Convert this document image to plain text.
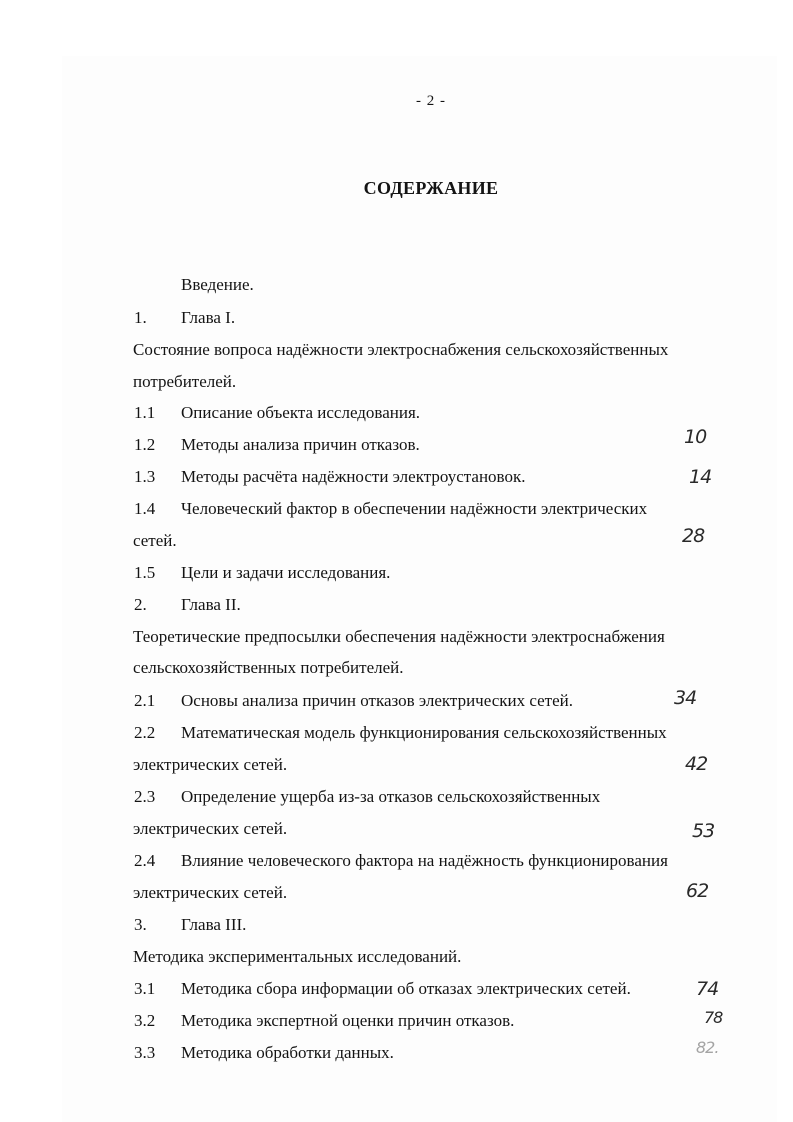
- 2 -
СОДЕРЖАНИЕ
Введение.
1. Глава I.
Состояние вопроса надёжности электроснабжения сельскохозяйственных
потребителей.
1.1 Описание объекта исследования.
1.2 Методы анализа причин отказов.
1.3 Методы расчёта надёжности электроустановок.
1.4 Человеческий фактор в обеспечении надёжности электрических
сетей.
1.5 Цели и задачи исследования.
2. Глава II.
Теоретические предпосылки обеспечения надёжности электроснабжения
сельскохозяйственных потребителей.
2.1 Основы анализа причин отказов электрических сетей.
2.2 Математическая модель функционирования сельскохозяйственных
электрических сетей.
2.3 Определение ущерба из-за отказов сельскохозяйственных
электрических сетей.
2.4 Влияние человеческого фактора на надёжность функционирования
электрических сетей.
3. Глава III.
Методика экспериментальных исследований.
3.1 Методика сбора информации об отказах электрических сетей.
3.2 Методика экспертной оценки причин отказов.
3.3 Методика обработки данных.
10
14
28
34
42
53
62
74
78
82.
